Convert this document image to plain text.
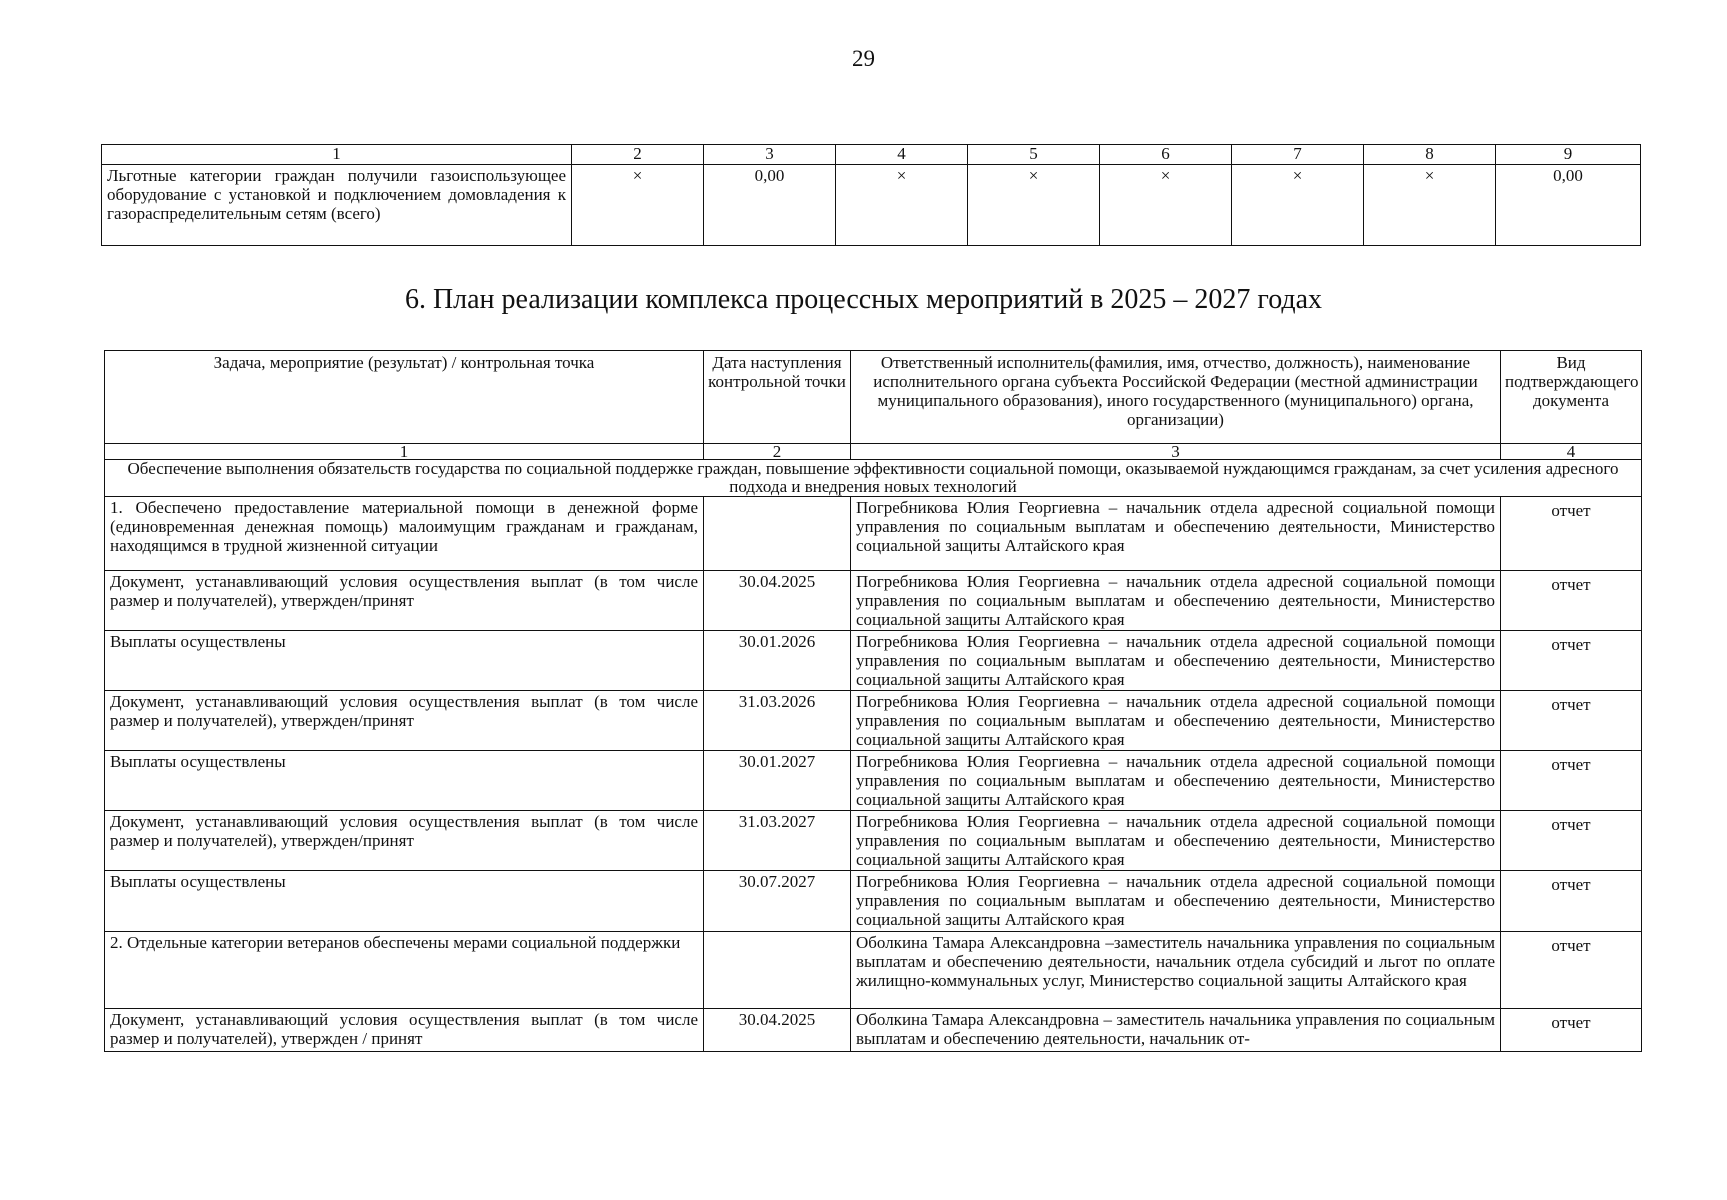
29
1	2	3	4	5	6	7	8	9
Льготные категории граждан получили газоиспользующее оборудование с установкой и подключением домовладения к газораспределительным сетям (всего)	×	0,00	×	×	×	×	×	0,00
6. План реализации комплекса процессных мероприятий в 2025 – 2027 годах
Задача, мероприятие (результат) / контрольная точка	Дата наступления контрольной точки	Ответственный исполнитель(фамилия, имя, отчество, должность), наименование исполнительного органа субъекта Российской Федерации (местной администрации муниципального образования), иного государственного (муниципального) органа, организации)	Вид подтверждающего документа
1	2	3	4
Обеспечение выполнения обязательств государства по социальной поддержке граждан, повышение эффективности социальной помощи, оказываемой нуждающимся гражданам, за счет усиления адресного подхода и внедрения новых технологий			
1. Обеспечено предоставление материальной помощи в денежной форме (единовременная денежная помощь) малоимущим гражданам и гражданам, находящимся в трудной жизненной ситуации		Погребникова Юлия Георгиевна – начальник отдела адресной социальной помощи управления по социальным выплатам и обеспечению деятельности, Министерство социальной защиты Алтайского края	отчет
Документ, устанавливающий условия осуществления выплат (в том числе размер и получателей), утвержден/принят	30.04.2025	Погребникова Юлия Георгиевна – начальник отдела адресной социальной помощи управления по социальным выплатам и обеспечению деятельности, Министерство социальной защиты Алтайского края	отчет
Выплаты осуществлены	30.01.2026	Погребникова Юлия Георгиевна – начальник отдела адресной социальной помощи управления по социальным выплатам и обеспечению деятельности, Министерство социальной защиты Алтайского края	отчет
Документ, устанавливающий условия осуществления выплат (в том числе размер и получателей), утвержден/принят	31.03.2026	Погребникова Юлия Георгиевна – начальник отдела адресной социальной помощи управления по социальным выплатам и обеспечению деятельности, Министерство социальной защиты Алтайского края	отчет
Выплаты осуществлены	30.01.2027	Погребникова Юлия Георгиевна – начальник отдела адресной социальной помощи управления по социальным выплатам и обеспечению деятельности, Министерство социальной защиты Алтайского края	отчет
Документ, устанавливающий условия осуществления выплат (в том числе размер и получателей), утвержден/принят	31.03.2027	Погребникова Юлия Георгиевна – начальник отдела адресной социальной помощи управления по социальным выплатам и обеспечению деятельности, Министерство социальной защиты Алтайского края	отчет
Выплаты осуществлены	30.07.2027	Погребникова Юлия Георгиевна – начальник отдела адресной социальной помощи управления по социальным выплатам и обеспечению деятельности, Министерство социальной защиты Алтайского края	отчет
2. Отдельные категории ветеранов обеспечены мерами социальной поддержки		Оболкина Тамара Александровна –заместитель начальника управления по социальным выплатам и обеспечению деятельности, начальник отдела субсидий и льгот по оплате жилищно-коммунальных услуг, Министерство социальной защиты Алтайского края	отчет
Документ, устанавливающий условия осуществления выплат (в том числе размер и получателей), утвержден / принят	30.04.2025	Оболкина Тамара Александровна – заместитель начальника управления по социальным выплатам и обеспечению деятельности, начальник от-	отчет
